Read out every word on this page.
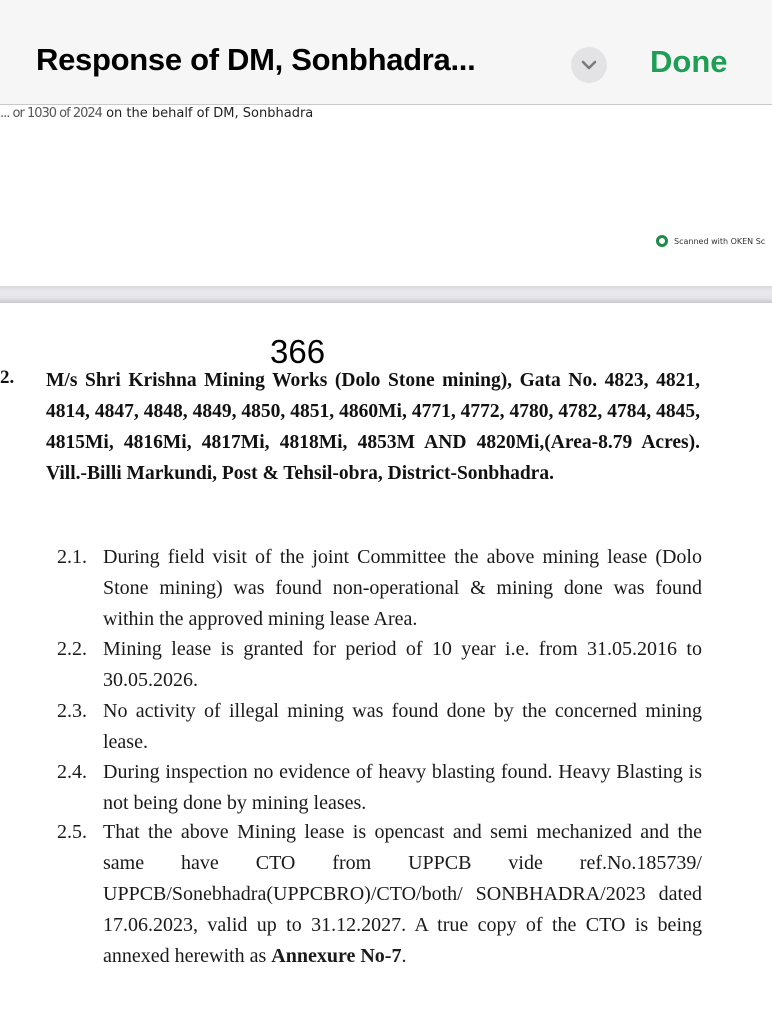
Response of DM, Sonbhadra...	Done
... or 1030 of 2024 on the behalf of DM, Sonbhadra
Scanned with OKEN Sc
366
2. M/s Shri Krishna Mining Works (Dolo Stone mining), Gata No. 4823, 4821, 4814, 4847, 4848, 4849, 4850, 4851, 4860Mi, 4771, 4772, 4780, 4782, 4784, 4845, 4815Mi, 4816Mi, 4817Mi, 4818Mi, 4853M AND 4820Mi,(Area-8.79 Acres). Vill.-Billi Markundi, Post & Tehsil-obra, District-Sonbhadra.
2.1. During field visit of the joint Committee the above mining lease (Dolo Stone mining) was found non-operational & mining done was found within the approved mining lease Area.
2.2. Mining lease is granted for period of 10 year i.e. from 31.05.2016 to 30.05.2026.
2.3. No activity of illegal mining was found done by the concerned mining lease.
2.4. During inspection no evidence of heavy blasting found. Heavy Blasting is not being done by mining leases.
2.5. That the above Mining lease is opencast and semi mechanized and the same have CTO from UPPCB vide ref.No.185739/ UPPCB/Sonebhadra(UPPCBRO)/CTO/both/ SONBHADRA/2023 dated 17.06.2023, valid up to 31.12.2027. A true copy of the CTO is being annexed herewith as Annexure No-7.
